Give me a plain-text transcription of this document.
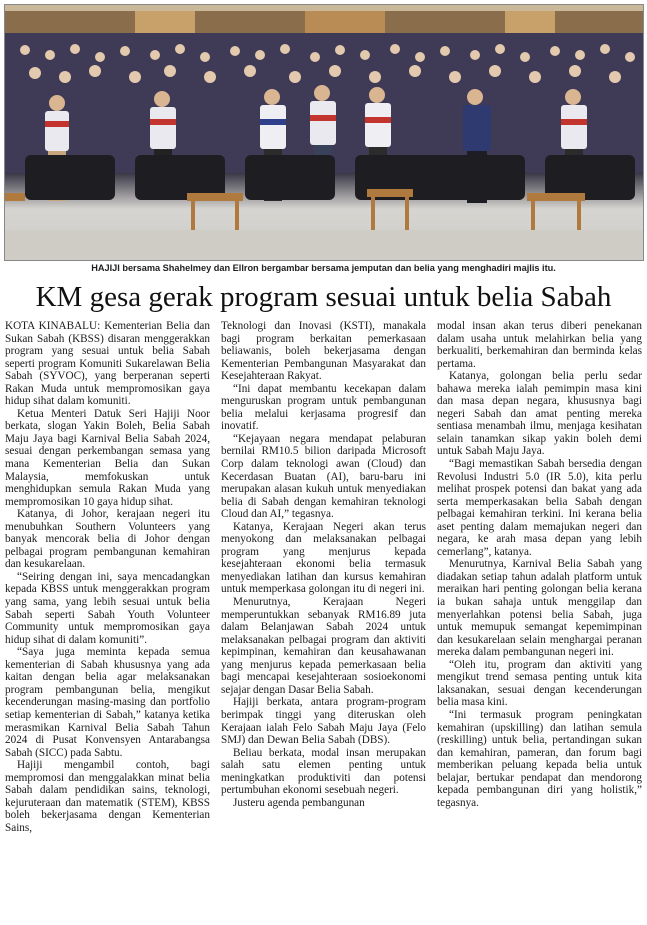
HAJIJI bersama Shahelmey dan Ellron bergambar bersama jemputan dan belia yang menghadiri majlis itu.
KM gesa gerak program sesuai untuk belia Sabah

KOTA KINABALU: Kementerian Belia dan Sukan Sabah (KBSS) disaran menggerakkan program yang sesuai untuk belia Sabah seperti program Komuniti Sukarelawan Belia Sabah (SYVOC), yang berperanan seperti Rakan Muda untuk mempromosikan gaya hidup sihat dalam komuniti.

Ketua Menteri Datuk Seri Hajiji Noor berkata, slogan Yakin Boleh, Belia Sabah Maju Jaya bagi Karnival Belia Sabah 2024, sesuai dengan perkembangan semasa yang mana Kementerian Belia dan Sukan Malaysia, memfokuskan untuk menghidupkan semula Rakan Muda yang mempromosikan 10 gaya hidup sihat.

Katanya, di Johor, kerajaan negeri itu menubuhkan Southern Volunteers yang banyak mencorak belia di Johor dengan pelbagai program pembangunan kemahiran dan kesukarelaan.

“Seiring dengan ini, saya mencadangkan kepada KBSS untuk menggerakkan program yang sama, yang lebih sesuai untuk belia Sabah seperti Sabah Youth Volunteer Community untuk mempromosikan gaya hidup sihat di dalam komuniti”.

“Saya juga meminta kepada semua kementerian di Sabah khususnya yang ada kaitan dengan belia agar melaksanakan program pembangunan belia, mengikut kecenderungan masing-masing dan portfolio setiap kementerian di Sabah,” katanya ketika merasmikan Karnival Belia Sabah Tahun 2024 di Pusat Konvensyen Antarabangsa Sabah (SICC) pada Sabtu.

Hajiji mengambil contoh, bagi mempromosi dan menggalakkan minat belia Sabah dalam pendidikan sains, teknologi, kejuruteraan dan matematik (STEM), KBSS boleh bekerjasama dengan Kementerian Sains,

Teknologi dan Inovasi (KSTI), manakala bagi program berkaitan pemerkasaan beliawanis, boleh bekerjasama dengan Kementerian Pembangunan Masyarakat dan Kesejahteraan Rakyat.

“Ini dapat membantu kecekapan dalam menguruskan program untuk pembangunan belia melalui kerjasama progresif dan inovatif.

“Kejayaan negara mendapat pelaburan bernilai RM10.5 bilion daripada Microsoft Corp dalam teknologi awan (Cloud) dan Kecerdasan Buatan (AI), baru-baru ini merupakan alasan kukuh untuk menyediakan belia di Sabah dengan kemahiran teknologi Cloud dan AI,” tegasnya.

Katanya, Kerajaan Negeri akan terus menyokong dan melaksanakan pelbagai program yang menjurus kepada kesejahteraan ekonomi belia termasuk menyediakan latihan dan kursus kemahiran untuk memperkasa golongan itu di negeri ini.

Menurutnya, Kerajaan Negeri memperuntukkan sebanyak RM16.89 juta dalam Belanjawan Sabah 2024 untuk melaksanakan pelbagai program dan aktiviti kepimpinan, kemahiran dan keusahawanan yang menjurus kepada pemerkasaan belia bagi mencapai kesejahteraan sosioekonomi sejajar dengan Dasar Belia Sabah.

Hajiji berkata, antara program-program berimpak tinggi yang diteruskan oleh Kerajaan ialah Felo Sabah Maju Jaya (Felo SMJ) dan Dewan Belia Sabah (DBS).

Beliau berkata, modal insan merupakan salah satu elemen penting untuk meningkatkan produktiviti dan potensi pertumbuhan ekonomi sesebuah negeri.

Justeru agenda pembangunan

modal insan akan terus diberi penekanan dalam usaha untuk melahirkan belia yang berkualiti, berkemahiran dan berminda kelas pertama.

Katanya, golongan belia perlu sedar bahawa mereka ialah pemimpin masa kini dan masa depan negara, khususnya bagi negeri Sabah dan amat penting mereka sentiasa menambah ilmu, menjaga kesihatan selain tanamkan sikap yakin boleh demi untuk Sabah Maju Jaya.

“Bagi memastikan Sabah bersedia dengan Revolusi Industri 5.0 (IR 5.0), kita perlu melihat prospek potensi dan bakat yang ada serta memperkasakan belia Sabah dengan pelbagai kemahiran terkini. Ini kerana belia aset penting dalam memajukan negeri dan negara, ke arah masa depan yang lebih cemerlang”, katanya.

Menurutnya, Karnival Belia Sabah yang diadakan setiap tahun adalah platform untuk meraikan hari penting golongan belia kerana ia bukan sahaja untuk menggilap dan menyerlahkan potensi belia Sabah, juga untuk memupuk semangat kepemimpinan dan kesukarelaan selain menghargai peranan mereka dalam pembangunan negeri ini.

“Oleh itu, program dan aktiviti yang mengikut trend semasa penting untuk kita laksanakan, sesuai dengan kecenderungan belia masa kini.

“Ini termasuk program peningkatan kemahiran (upskilling) dan latihan semula (reskilling) untuk belia, pertandingan sukan dan kemahiran, pameran, dan forum bagi memberikan peluang kepada belia untuk belajar, bertukar pendapat dan mendorong kepada pembangunan diri yang holistik,” tegasnya.
